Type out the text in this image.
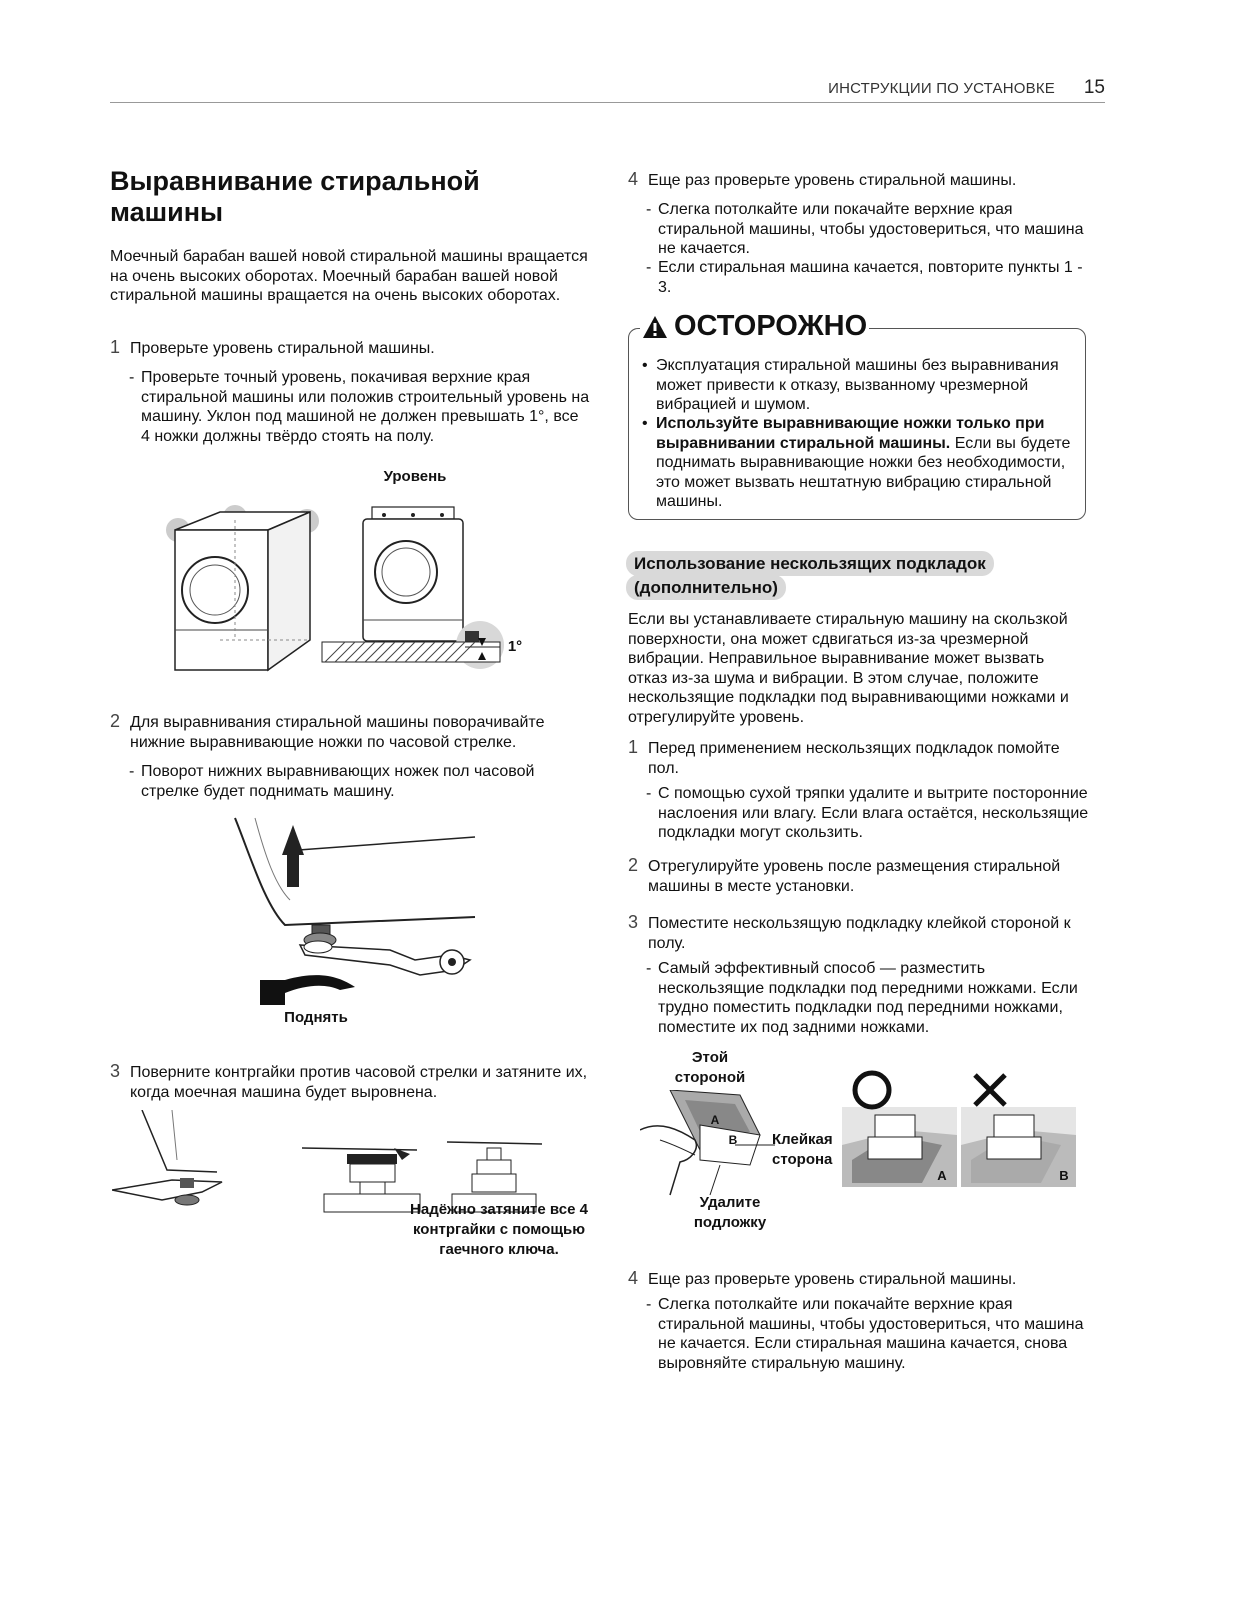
ИНСТРУКЦИИ ПО УСТАНОВКЕ 15
Выравнивание стиральной машины

Моечный барабан вашей новой стиральной машины вращается на очень высоких оборотах. Моечный барабан вашей новой стиральной машины вращается на очень высоких оборотах.

1 Проверьте уровень стиральной машины.
- Проверьте точный уровень, покачивая верхние края стиральной машины или положив строительный уровень на машину. Уклон под машиной не должен превышать 1°, все 4 ножки должны твёрдо стоять на полу.
Уровень
1°
2 Для выравнивания стиральной машины поворачивайте нижние выравнивающие ножки по часовой стрелке.
- Поворот нижних выравнивающих ножек пол часовой стрелке будет поднимать машину.
Поднять
3 Поверните контргайки против часовой стрелки и затяните их, когда моечная машина будет выровнена.
Надёжно затяните все 4 контргайки с помощью гаечного ключа.
4 Еще раз проверьте уровень стиральной машины.
- Слегка потолкайте или покачайте верхние края стиральной машины, чтобы удостовериться, что машина не качается.
- Если стиральная машина качается, повторите пункты 1 - 3.
ОСТОРОЖНО
• Эксплуатация стиральной машины без выравнивания может привести к отказу, вызванному чрезмерной вибрацией и шумом.
• Используйте выравнивающие ножки только при выравнивании стиральной машины. Если вы будете поднимать выравнивающие ножки без необходимости, это может вызвать нештатную вибрацию стиральной машины.
Использование нескользящих подкладок
(дополнительно)

Если вы устанавливаете стиральную машину на скользкой поверхности, она может сдвигаться из-за чрезмерной вибрации. Неправильное выравнивание может вызвать отказ из-за шума и вибрации. В этом случае, положите нескользящие подкладки под выравнивающими ножками и отрегулируйте уровень.

1 Перед применением нескользящих подкладок помойте пол.
- С помощью сухой тряпки удалите и вытрите посторонние наслоения или влагу. Если влага остаётся, нескользящие подкладки могут скользить.
2 Отрегулируйте уровень после размещения стиральной машины в месте установки.
3 Поместите нескользящую подкладку клейкой стороной к полу.
- Самый эффективный способ — разместить нескользящие подкладки под передними ножками. Если трудно поместить подкладки под передними ножками, поместите их под задними ножками.
Этой стороной
A
B	Клейкая сторона
Удалите подложку
A	B
4 Еще раз проверьте уровень стиральной машины.
- Слегка потолкайте или покачайте верхние края стиральной машины, чтобы удостовериться, что машина не качается. Если стиральная машина качается, снова выровняйте стиральную машину.
